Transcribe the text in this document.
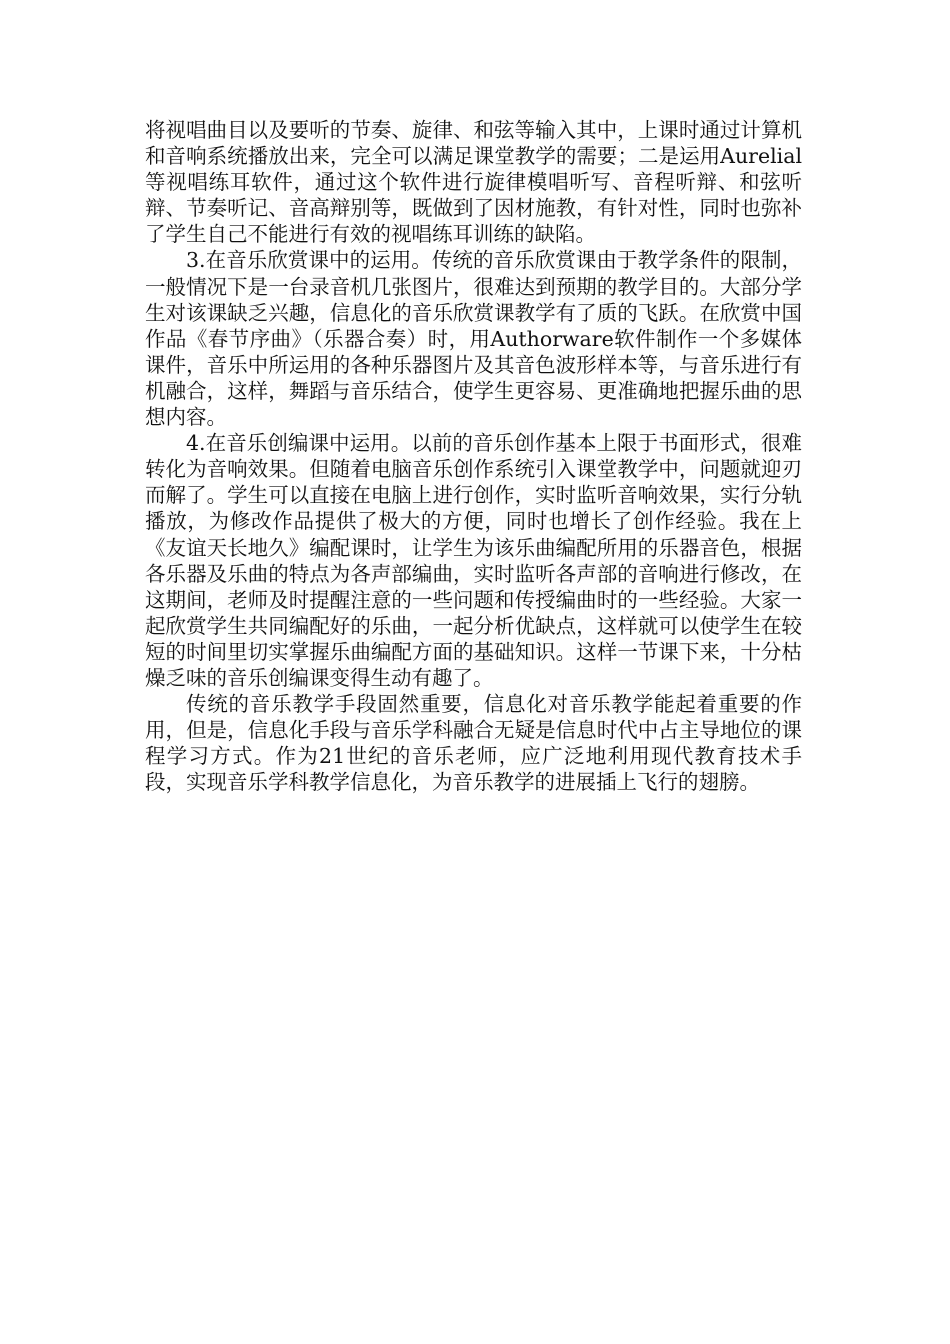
将视唱曲目以及要听的节奏、旋律、和弦等输入其中，上课时通过计算机和音响系统播放出来，完全可以满足课堂教学的需要；二是运用Aurelial 等视唱练耳软件，通过这个软件进行旋律模唱听写、音程听辩、和弦听辩、节奏听记、音高辩别等，既做到了因材施教，有针对性，同时也弥补了学生自己不能进行有效的视唱练耳训练的缺陷。

3.在音乐欣赏课中的运用。传统的音乐欣赏课由于教学条件的限制，一般情况下是一台录音机几张图片，很难达到预期的教学目的。大部分学生对该课缺乏兴趣，信息化的音乐欣赏课教学有了质的飞跃。在欣赏中国作品《春节序曲》（乐器合奏）时，用Authorware软件制作一个多媒体课件，音乐中所运用的各种乐器图片及其音色波形样本等，与音乐进行有机融合，这样，舞蹈与音乐结合，使学生更容易、更准确地把握乐曲的思想内容。

4.在音乐创编课中运用。以前的音乐创作基本上限于书面形式，很难转化为音响效果。但随着电脑音乐创作系统引入课堂教学中，问题就迎刃而解了。学生可以直接在电脑上进行创作，实时监听音响效果，实行分轨播放，为修改作品提供了极大的方便，同时也增长了创作经验。我在上《友谊天长地久》编配课时，让学生为该乐曲编配所用的乐器音色，根据各乐器及乐曲的特点为各声部编曲，实时监听各声部的音响进行修改，在这期间，老师及时提醒注意的一些问题和传授编曲时的一些经验。大家一起欣赏学生共同编配好的乐曲，一起分析优缺点，这样就可以使学生在较短的时间里切实掌握乐曲编配方面的基础知识。这样一节课下来，十分枯燥乏味的音乐创编课变得生动有趣了。

传统的音乐教学手段固然重要，信息化对音乐教学能起着重要的作用，但是，信息化手段与音乐学科融合无疑是信息时代中占主导地位的课程学习方式。作为21世纪的音乐老师，应广泛地利用现代教育技术手段，实现音乐学科教学信息化，为音乐教学的进展插上飞行的翅膀。
